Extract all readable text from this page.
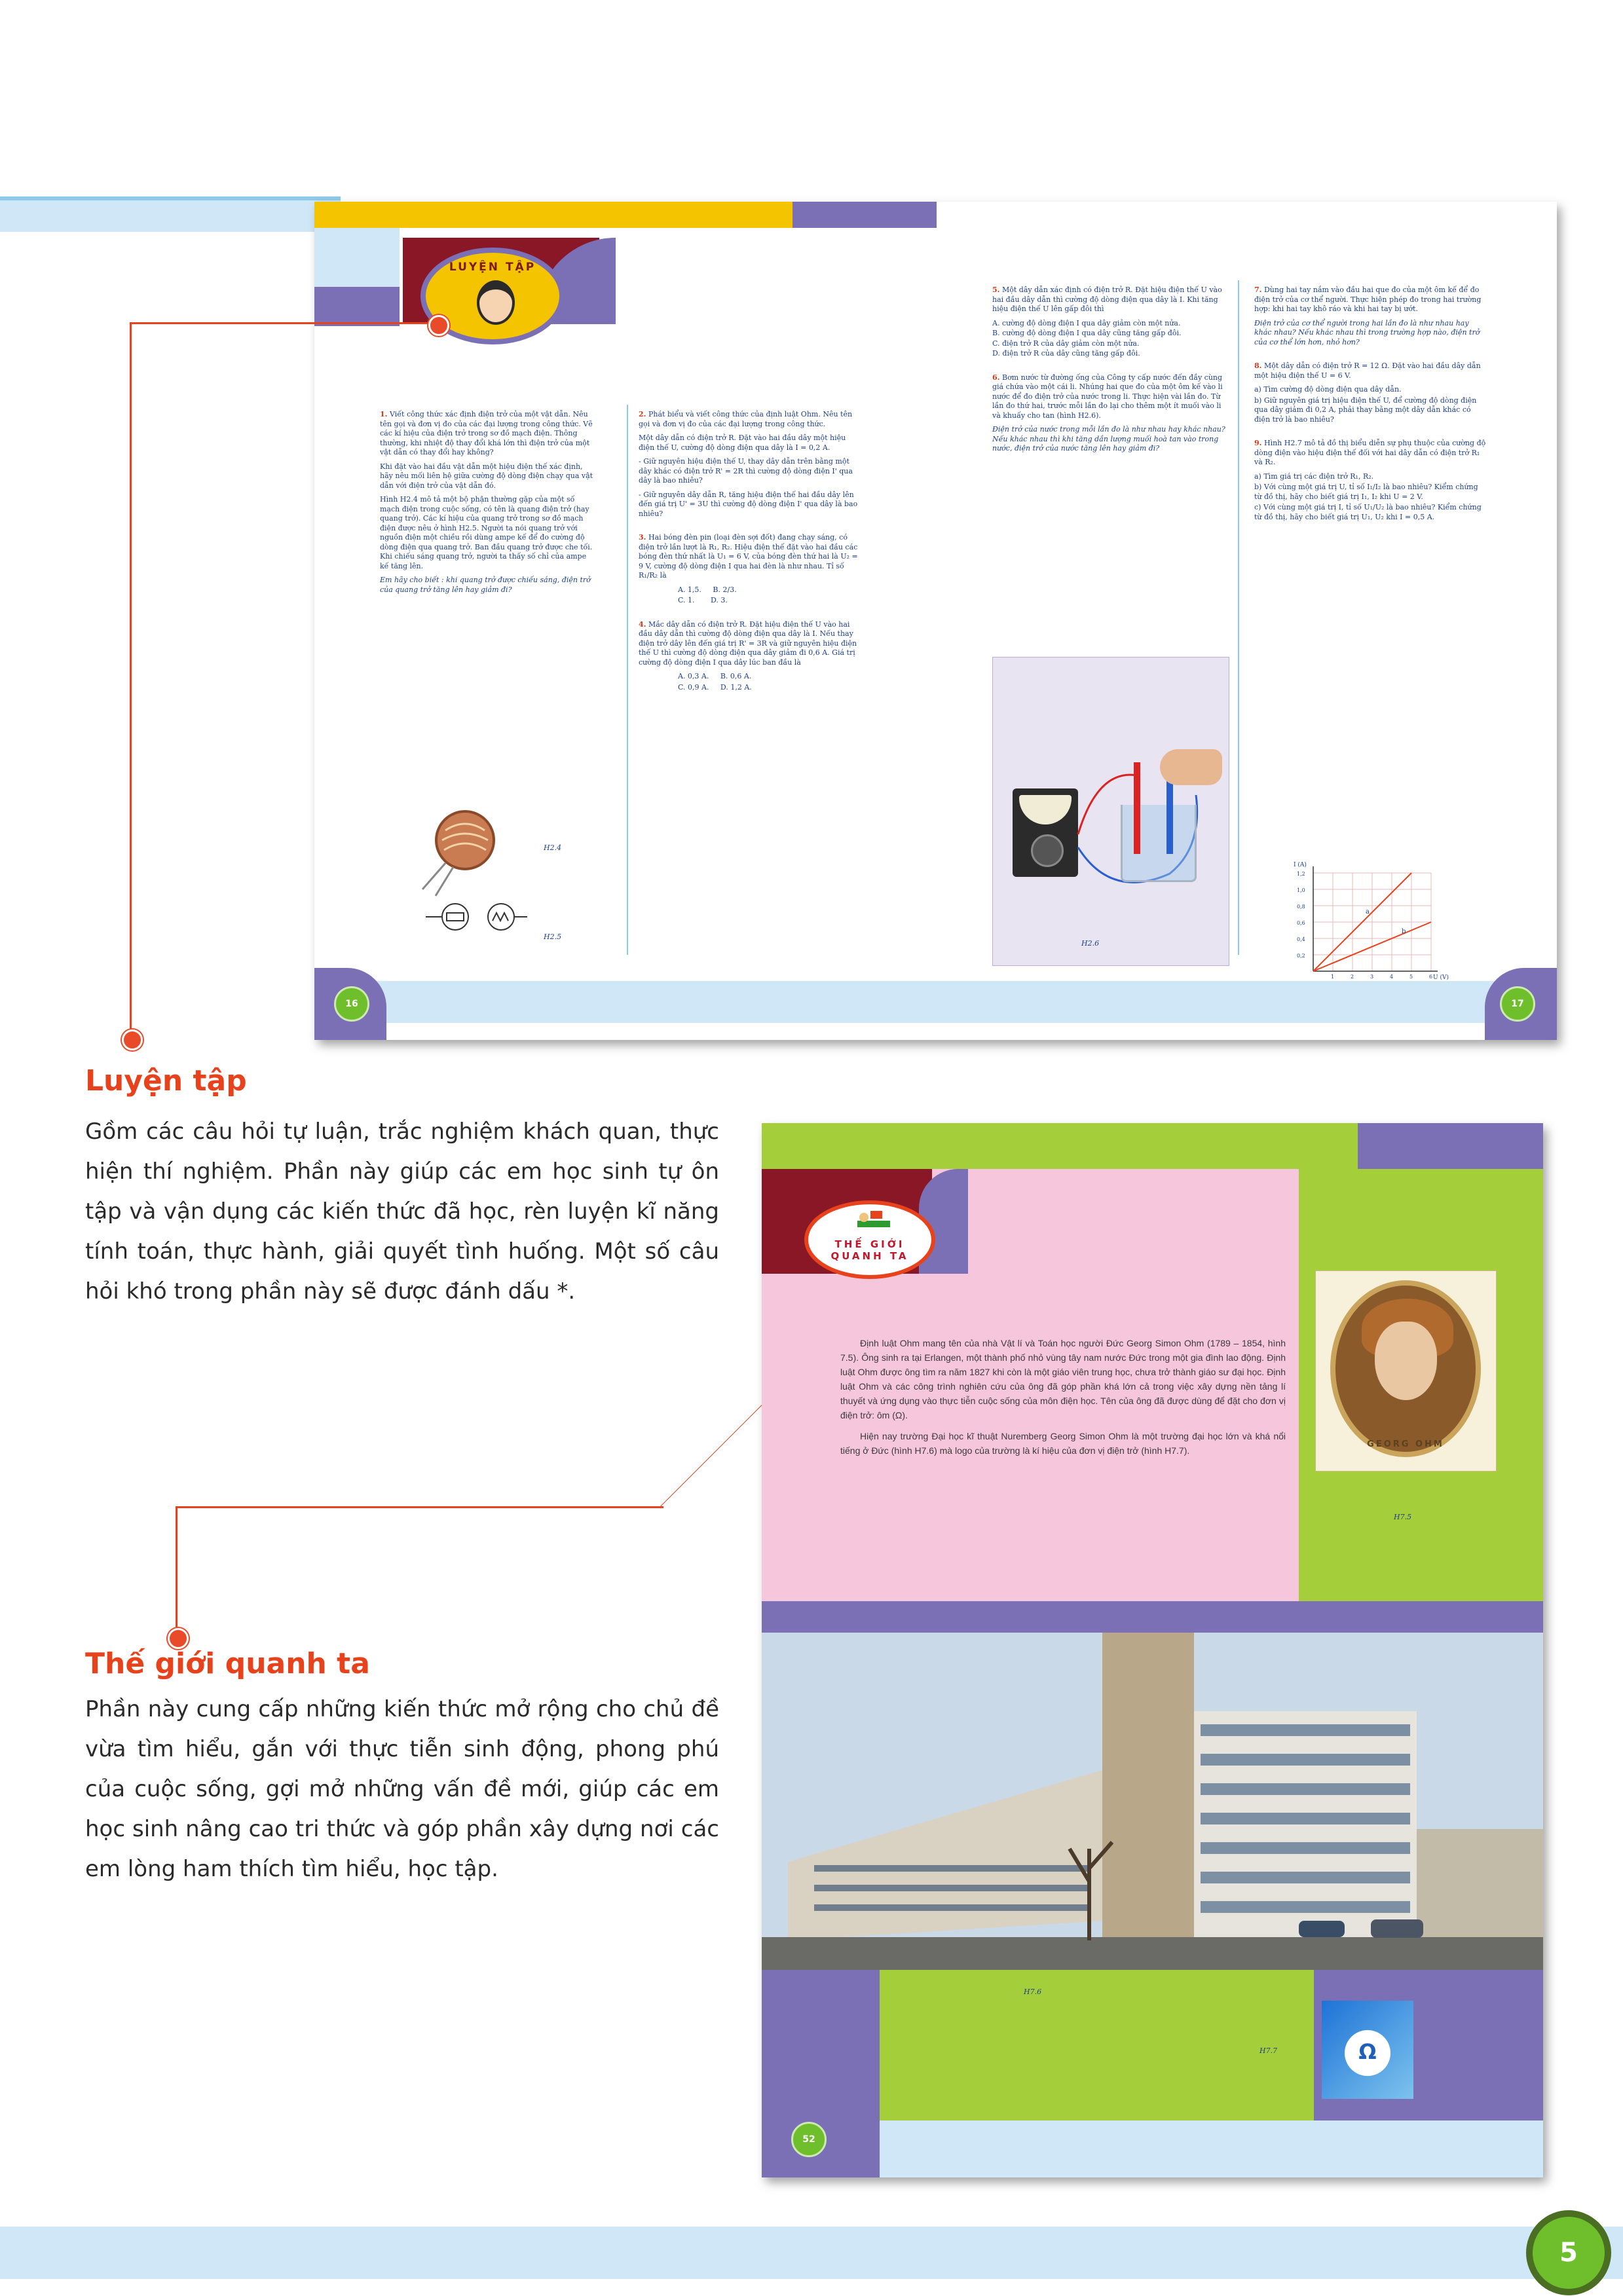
LUYỆN TẬP

1. Viết công thức xác định điện trở của một vật dẫn. Nêu tên gọi và đơn vị đo của các đại lượng trong công thức. Vẽ các kí hiệu của điện trở trong sơ đồ mạch điện. Thông thường, khi nhiệt độ thay đổi khá lớn thì điện trở của một vật dẫn có thay đổi hay không?

Khi đặt vào hai đầu vật dẫn một hiệu điện thế xác định, hãy nêu mối liên hệ giữa cường độ dòng điện chạy qua vật dẫn với điện trở của vật dẫn đó.

Hình H2.4 mô tả một bộ phận thường gặp của một số mạch điện trong cuộc sống, có tên là quang điện trở (hay quang trở). Các kí hiệu của quang trở trong sơ đồ mạch điện được nêu ở hình H2.5. Người ta nói quang trở với nguồn điện một chiều rồi dùng ampe kế để đo cường độ dòng điện qua quang trở. Ban đầu quang trở được che tối. Khi chiếu sáng quang trở, người ta thấy số chỉ của ampe kế tăng lên.

Em hãy cho biết : khi quang trở được chiếu sáng, điện trở của quang trở tăng lên hay giảm đi?

H2.4
H2.5

2. Phát biểu và viết công thức của định luật Ohm. Nêu tên gọi và đơn vị đo của các đại lượng trong công thức.

Một dây dẫn có điện trở R. Đặt vào hai đầu dây một hiệu điện thế U, cường độ dòng điện qua dây là I = 0,2 A.

- Giữ nguyên hiệu điện thế U, thay dây dẫn trên bằng một dây khác có điện trở R' = 2R thì cường độ dòng điện I' qua dây là bao nhiêu?

- Giữ nguyên dây dẫn R, tăng hiệu điện thế hai đầu dây lên đến giá trị U' = 3U thì cường độ dòng điện I' qua dây là bao nhiêu?

3. Hai bóng đèn pin (loại đèn sợi đốt) đang chạy sáng, có điện trở lần lượt là R₁, R₂. Hiệu điện thế đặt vào hai đầu các bóng đèn thứ nhất là U₁ = 6 V, của bóng đèn thứ hai là U₂ = 9 V, cường độ dòng điện I qua hai đèn là như nhau. Tỉ số R₁/R₂ là

A. 1,5.     B. 2/3.

C. 1.       D. 3.

4. Mắc dây dẫn có điện trở R. Đặt hiệu điện thế U vào hai đầu dây dẫn thì cường độ dòng điện qua dây là I. Nếu thay điện trở dây lên đến giá trị R' = 3R và giữ nguyên hiệu điện thế U thì cường độ dòng điện qua dây giảm đi 0,6 A. Giá trị cường độ dòng điện I qua dây lúc ban đầu là

A. 0,3 A.     B. 0,6 A.

C. 0,9 A.     D. 1,2 A.

5. Một dây dẫn xác định có điện trở R. Đặt hiệu điện thế U vào hai đầu dây dẫn thì cường độ dòng điện qua dây là I. Khi tăng hiệu điện thế U lên gấp đôi thì

A. cường độ dòng điện I qua dây giảm còn một nửa.

B. cường độ dòng điện I qua dây cũng tăng gấp đôi.

C. điện trở R của dây giảm còn một nửa.

D. điện trở R của dây cũng tăng gấp đôi.

6. Bơm nước từ đường ống của Công ty cấp nước đến đầy cùng giá chứa vào một cái li. Nhúng hai que đo của một ôm kế vào li nước để đo điện trở của nước trong li. Thực hiện vài lần đo. Từ lần đo thứ hai, trước mỗi lần đo lại cho thêm một ít muối vào li và khuấy cho tan (hình H2.6).

Điện trở của nước trong mỗi lần đo là như nhau hay khác nhau? Nếu khác nhau thì khi tăng dần lượng muối hoà tan vào trong nước, điện trở của nước tăng lên hay giảm đi?

H2.6

7. Dùng hai tay nắm vào đầu hai que đo của một ôm kế để đo điện trở của cơ thể người. Thực hiện phép đo trong hai trường hợp: khi hai tay khô ráo và khi hai tay bị ướt.

Điện trở của cơ thể người trong hai lần đo là như nhau hay khác nhau? Nếu khác nhau thì trong trường hợp nào, điện trở của cơ thể lớn hơn, nhỏ hơn?

8. Một dây dẫn có điện trở R = 12 Ω. Đặt vào hai đầu dây dẫn một hiệu điện thế U = 6 V.

a) Tìm cường độ dòng điện qua dây dẫn.

b) Giữ nguyên giá trị hiệu điện thế U, để cường độ dòng điện qua dây giảm đi 0,2 A, phải thay bằng một dây dẫn khác có điện trở là bao nhiêu?

9. Hình H2.7 mô tả đồ thị biểu diễn sự phụ thuộc của cường độ dòng điện vào hiệu điện thế đối với hai dây dẫn có điện trở R₁ và R₂.

a) Tìm giá trị các điện trở R₁, R₂.

b) Với cùng một giá trị U, tỉ số I₁/I₂ là bao nhiêu? Kiểm chứng từ đồ thị, hãy cho biết giá trị I₁, I₂ khi U = 2 V.

c) Với cùng một giá trị I, tỉ số U₁/U₂ là bao nhiêu? Kiểm chứng từ đồ thị, hãy cho biết giá trị U₁, U₂ khi I = 0,5 A.

a
b
I (A)
U (V)
1,2
1,0
0,8
0,6
0,4
0,2
1	2	3	4	5	6
16	17
Luyện tập
Gồm các câu hỏi tự luận, trắc nghiệm khách quan, thực hiện thí nghiệm. Phần này giúp các em học sinh tự ôn tập và vận dụng các kiến thức đã học, rèn luyện kĩ năng tính toán, thực hành, giải quyết tình huống. Một số câu hỏi khó trong phần này sẽ được đánh dấu *.
Thế giới quanh ta
Phần này cung cấp những kiến thức mở rộng cho chủ đề vừa tìm hiểu, gắn với thực tiễn sinh động, phong phú của cuộc sống, gợi mở những vấn đề mới, giúp các em học sinh nâng cao tri thức và góp phần xây dựng nơi các em lòng ham thích tìm hiểu, học tập.
THẾ GIỚI QUANH TA

Định luật Ohm mang tên của nhà Vật lí và Toán học người Đức Georg Simon Ohm (1789 – 1854, hình 7.5). Ông sinh ra tại Erlangen, một thành phố nhỏ vùng tây nam nước Đức trong một gia đình lao động. Định luật Ohm được ông tìm ra năm 1827 khi còn là một giáo viên trung học, chưa trở thành giáo sư đại học. Định luật Ohm và các công trình nghiên cứu của ông đã góp phần khá lớn cả trong việc xây dựng nền tảng lí thuyết và ứng dụng vào thực tiễn cuộc sống của môn điện học. Tên của ông đã được dùng để đặt cho đơn vị điện trở: ôm (Ω).

Hiện nay trường Đại học kĩ thuật Nuremberg Georg Simon Ohm là một trường đại học lớn và khá nổi tiếng ở Đức (hình H7.6) mà logo của trường là kí hiệu của đơn vị điện trở (hình H7.7).

GEORG OHM
H7.5
H7.6
H7.7	Ω
52
5
